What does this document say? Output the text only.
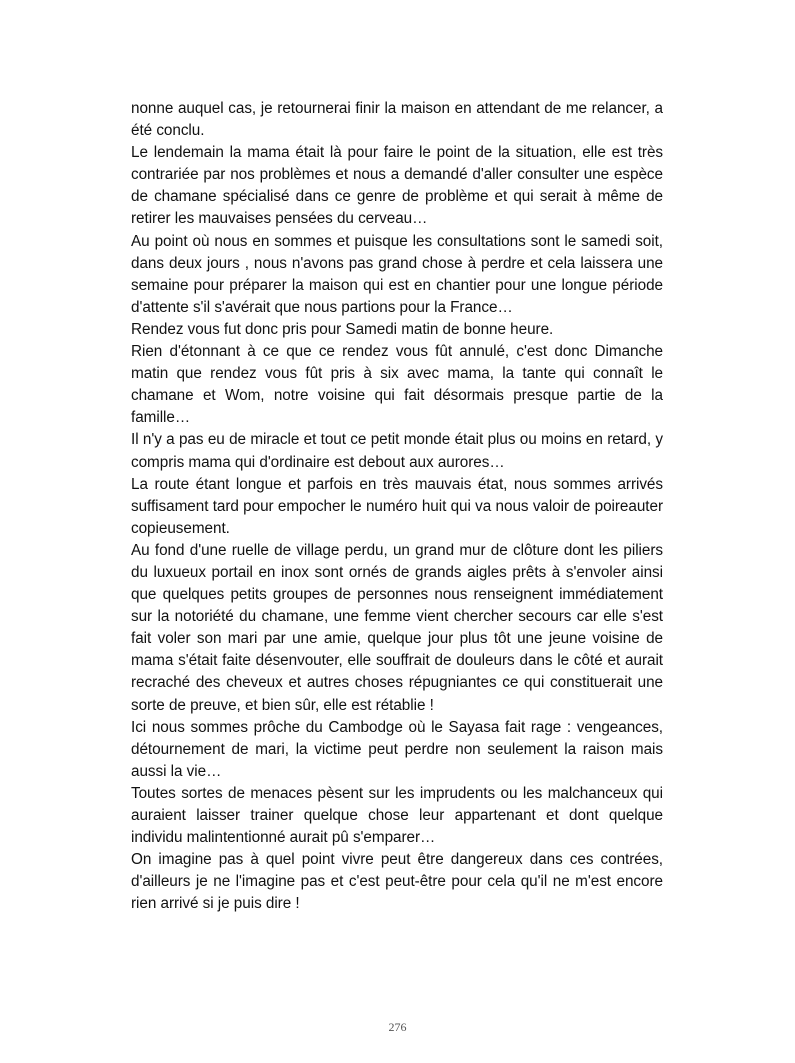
nonne auquel cas, je retournerai finir la maison en attendant de me relancer, a été conclu.

Le lendemain la mama était là pour faire le point de la situation, elle est très contrariée par nos problèmes et nous a demandé d'aller consulter une espèce de chamane spécialisé dans ce genre de problème et qui serait à même de retirer les mauvaises pensées du cerveau…

Au point où nous en sommes et puisque les consultations sont le samedi soit, dans deux jours , nous n'avons pas grand chose à perdre et cela laissera une semaine pour préparer la maison qui est en chantier pour une longue période d'attente s'il s'avérait que nous partions pour la France…

Rendez vous fut donc pris pour Samedi matin de bonne heure.

Rien d'étonnant à ce que ce rendez vous fût annulé, c'est donc Dimanche matin que rendez vous fût pris à six avec mama, la tante qui connaît le chamane et Wom, notre voisine qui fait désormais presque partie de la famille…

Il n'y a pas eu de miracle et tout ce petit monde était plus ou moins en retard, y compris mama qui d'ordinaire est debout aux aurores…

La route étant longue et parfois en très mauvais état, nous sommes arrivés suffisament tard pour empocher le numéro huit qui va nous valoir de poireauter copieusement.

Au fond d'une ruelle de village perdu, un grand mur de clôture dont les piliers du luxueux portail en inox sont ornés de grands aigles prêts à s'envoler ainsi que quelques petits groupes de personnes nous renseignent immédiatement sur la notoriété du chamane, une femme vient chercher secours car elle s'est fait voler son mari par une amie, quelque jour plus tôt une jeune voisine de mama s'était faite désenvouter, elle souffrait de douleurs dans le côté et aurait recraché des cheveux et autres choses répugniantes ce qui constituerait une sorte de preuve, et bien sûr, elle est rétablie !

Ici nous sommes prôche du Cambodge où le Sayasa fait rage : vengeances, détournement de mari, la victime peut perdre non seulement la raison mais aussi la vie…

Toutes sortes de menaces pèsent sur les imprudents ou les malchanceux qui auraient laisser trainer quelque chose leur appartenant et dont quelque individu malintentionné aurait pû s'emparer…

On imagine pas à quel point vivre peut être dangereux dans ces contrées, d'ailleurs je ne l'imagine pas et c'est peut-être pour cela qu'il ne m'est encore rien arrivé si je puis dire !

276
